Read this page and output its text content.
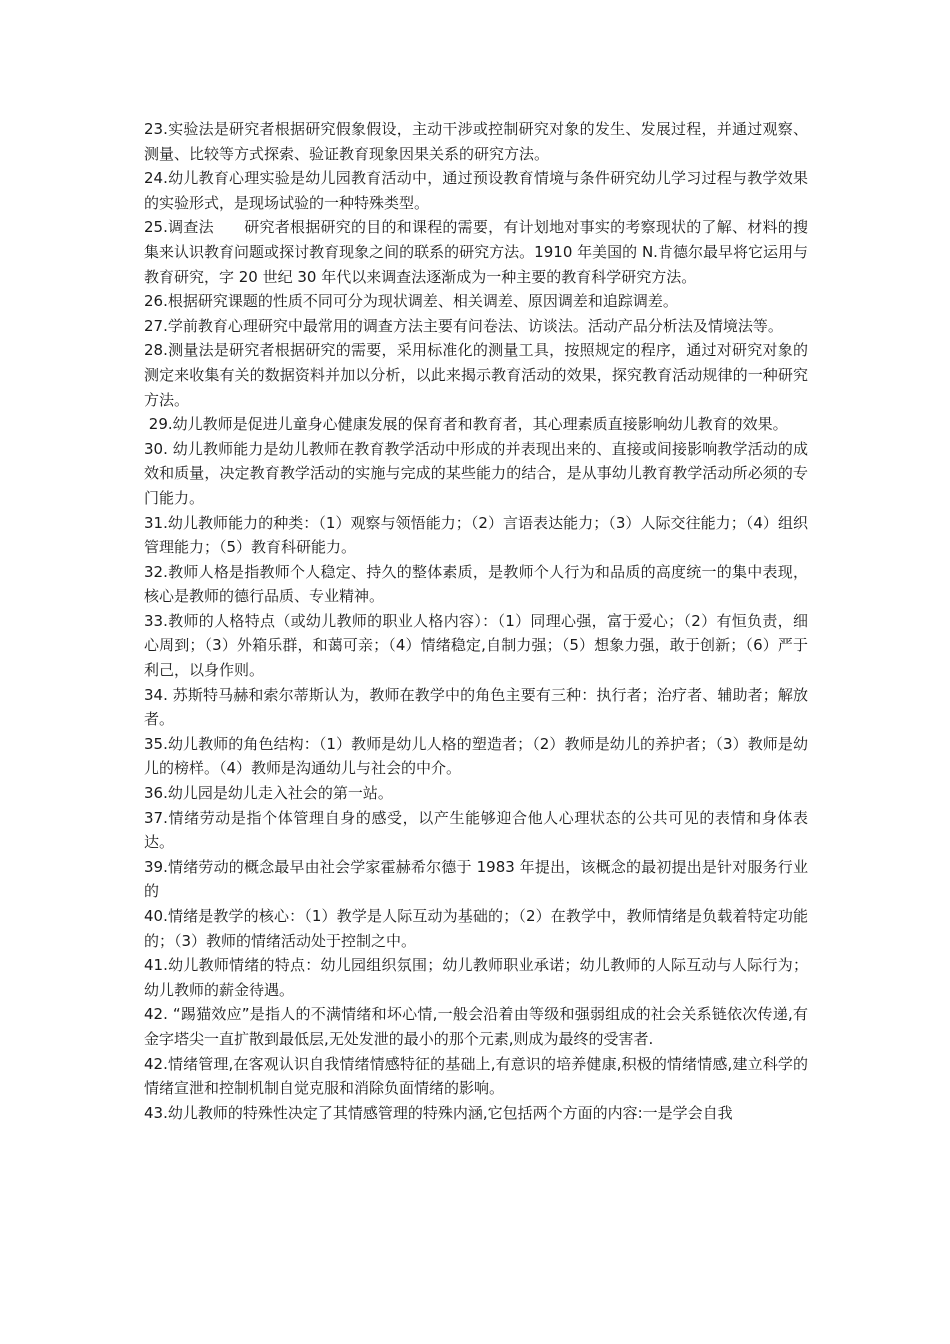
23.实验法是研究者根据研究假象假设，主动干涉或控制研究对象的发生、发展过程，并通过观察、测量、比较等方式探索、验证教育现象因果关系的研究方法。

24.幼儿教育心理实验是幼儿园教育活动中，通过预设教育情境与条件研究幼儿学习过程与教学效果的实验形式，是现场试验的一种特殊类型。

25.调查法　　研究者根据研究的目的和课程的需要，有计划地对事实的考察现状的了解、材料的搜集来认识教育问题或探讨教育现象之间的联系的研究方法。1910 年美国的 N.肯德尔最早将它运用与教育研究，字 20 世纪 30 年代以来调查法逐渐成为一种主要的教育科学研究方法。

26.根据研究课题的性质不同可分为现状调差、相关调差、原因调差和追踪调差。

27.学前教育心理研究中最常用的调查方法主要有问卷法、访谈法。活动产品分析法及情境法等。

28.测量法是研究者根据研究的需要，采用标准化的测量工具，按照规定的程序，通过对研究对象的测定来收集有关的数据资料并加以分析，以此来揭示教育活动的效果，探究教育活动规律的一种研究方法。

29.幼儿教师是促进儿童身心健康发展的保育者和教育者，其心理素质直接影响幼儿教育的效果。

30. 幼儿教师能力是幼儿教师在教育教学活动中形成的并表现出来的、直接或间接影响教学活动的成效和质量，决定教育教学活动的实施与完成的某些能力的结合，是从事幼儿教育教学活动所必须的专门能力。

31.幼儿教师能力的种类：（1）观察与领悟能力；（2）言语表达能力；（3）人际交往能力；（4）组织管理能力；（5）教育科研能力。

32.教师人格是指教师个人稳定、持久的整体素质，是教师个人行为和品质的高度统一的集中表现，核心是教师的德行品质、专业精神。

33.教师的人格特点（或幼儿教师的职业人格内容）：（1）同理心强，富于爱心；（2）有恒负责，细心周到；（3）外箱乐群，和蔼可亲；（4）情绪稳定,自制力强；（5）想象力强，敢于创新；（6）严于利己，以身作则。

34. 苏斯特马赫和索尔蒂斯认为，教师在教学中的角色主要有三种：执行者；治疗者、辅助者；解放者。

35.幼儿教师的角色结构：（1）教师是幼儿人格的塑造者；（2）教师是幼儿的养护者；（3）教师是幼儿的榜样。（4）教师是沟通幼儿与社会的中介。

36.幼儿园是幼儿走入社会的第一站。

37.情绪劳动是指个体管理自身的感受，以产生能够迎合他人心理状态的公共可见的表情和身体表达。

39.情绪劳动的概念最早由社会学家霍赫希尔德于 1983 年提出，该概念的最初提出是针对服务行业的

40.情绪是教学的核心：（1）教学是人际互动为基础的；（2）在教学中，教师情绪是负载着特定功能的；（3）教师的情绪活动处于控制之中。

41.幼儿教师情绪的特点：幼儿园组织氛围；幼儿教师职业承诺；幼儿教师的人际互动与人际行为；幼儿教师的薪金待遇。

42. “踢猫效应”是指人的不满情绪和坏心情,一般会沿着由等级和强弱组成的社会关系链依次传递,有金字塔尖一直扩散到最低层,无处发泄的最小的那个元素,则成为最终的受害者.

42.情绪管理,在客观认识自我情绪情感特征的基础上,有意识的培养健康,积极的情绪情感,建立科学的情绪宣泄和控制机制自觉克服和消除负面情绪的影响。

43.幼儿教师的特殊性决定了其情感管理的特殊内涵,它包括两个方面的内容:一是学会自我
